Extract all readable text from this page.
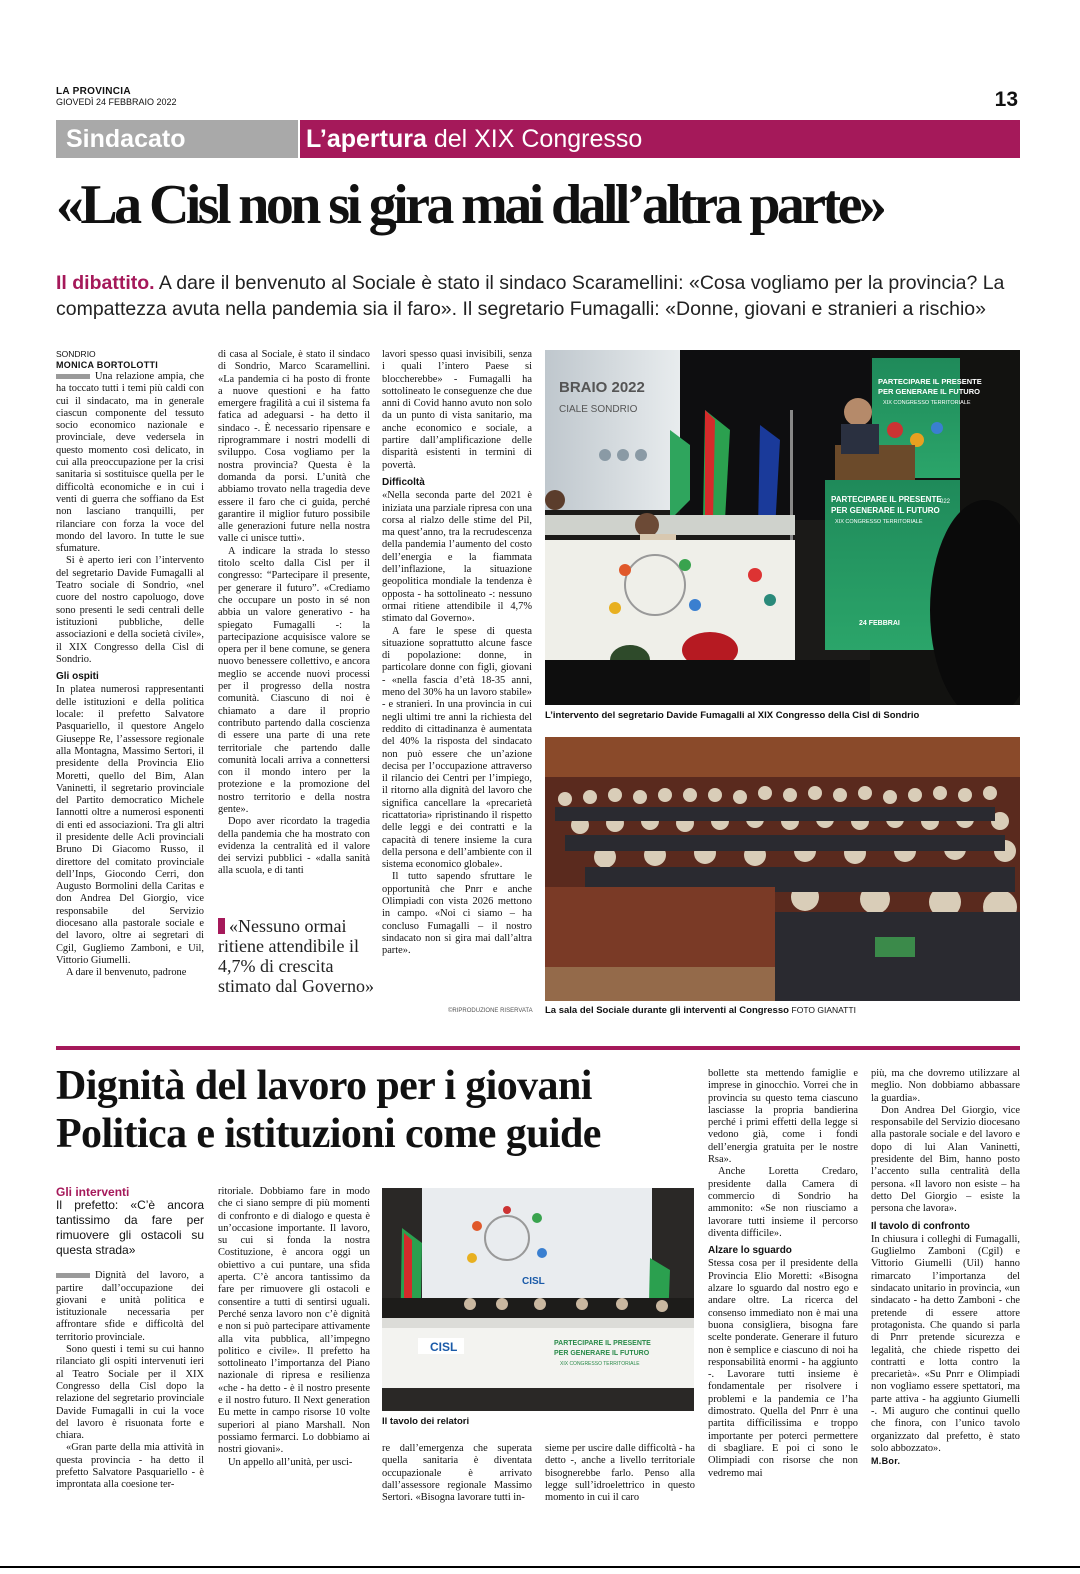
LA PROVINCIA
GIOVEDÌ 24 FEBBRAIO 2022	13
Sindacato	L’apertura del XIX Congresso
«La Cisl non si gira mai dall’altra parte»
Il dibattito. A dare il benvenuto al Sociale è stato il sindaco Scaramellini: «Cosa vogliamo per la provincia? La compattezza avuta nella pandemia sia il faro». Il segretario Fumagalli: «Donne, giovani e stranieri a rischio»
SONDRIO
MONICA BORTOLOTTI

Una relazione ampia, che ha toccato tutti i temi più caldi con cui il sindacato, ma in generale ciascun componente del tessuto socio economico nazionale e provinciale, deve vedersela in questo momento così delicato, in cui alla preoccupazione per la crisi sanitaria si sostituisce quella per le difficoltà economiche e in cui i venti di guerra che soffiano da Est non lasciano tranquilli, per rilanciare con forza la voce del mondo del lavoro. In tutte le sue sfumature.

Si è aperto ieri con l’intervento del segretario Davide Fumagalli al Teatro sociale di Sondrio, «nel cuore del nostro capoluogo, dove sono presenti le sedi centrali delle istituzioni pubbliche, delle associazioni e della società civile», il XIX Congresso della Cisl di Sondrio.

Gli ospiti

In platea numerosi rappresentanti delle istituzioni e della politica locale: il prefetto Salvatore Pasquariello, il questore Angelo Giuseppe Re, l’assessore regionale alla Montagna, Massimo Sertori, il presidente della Provincia Elio Moretti, quello del Bim, Alan Vaninetti, il segretario provinciale del Partito democratico Michele Iannotti oltre a numerosi esponenti di enti ed associazioni. Tra gli altri il presidente delle Acli provinciali Bruno Di Giacomo Russo, il direttore del comitato provinciale dell’Inps, Giocondo Cerri, don Augusto Bormolini della Caritas e don Andrea Del Giorgio, vice responsabile del Servizio diocesano alla pastorale sociale e del lavoro, oltre ai segretari di Cgil, Gugliemo Zamboni, e Uil, Vittorio Giumelli.

A dare il benvenuto, padrone

di casa al Sociale, è stato il sindaco di Sondrio, Marco Scaramellini. «La pandemia ci ha posto di fronte a nuove questioni e ha fatto emergere fragilità a cui il sistema fa fatica ad adeguarsi - ha detto il sindaco -. È necessario ripensare e riprogrammare i nostri modelli di sviluppo. Cosa vogliamo per la nostra provincia? Questa è la domanda da porsi. L’unità che abbiamo trovato nella tragedia deve essere il faro che ci guida, perché garantire il miglior futuro possibile alle generazioni future nella nostra valle ci unisce tutti».

A indicare la strada lo stesso titolo scelto dalla Cisl per il congresso: “Partecipare il presente, per generare il futuro”. «Crediamo che occupare un posto in sé non abbia un valore generativo - ha spiegato Fumagalli -: la partecipazione acquisisce valore se opera per il bene comune, se genera nuovo benessere collettivo, e ancora meglio se accende nuovi processi per il progresso della nostra comunità. Ciascuno di noi è chiamato a dare il proprio contributo partendo dalla coscienza di essere una parte di una rete territoriale che partendo dalle comunità locali arriva a connettersi con il mondo intero per la protezione e la promozione del nostro territorio e della nostra gente».

Dopo aver ricordato la tragedia della pandemia che ha mostrato con evidenza la centralità ed il valore dei servizi pubblici - «dalla sanità alla scuola, e di tanti

«Nessuno ormai ritiene attendibile il 4,7% di crescita stimato dal Governo»

lavori spesso quasi invisibili, senza i quali l’intero Paese si bloccherebbe» - Fumagalli ha sottolineato le conseguenze che due anni di Covid hanno avuto non solo da un punto di vista sanitario, ma anche economico e sociale, a partire dall’amplificazione delle disparità esistenti in termini di povertà.

Difficoltà

«Nella seconda parte del 2021 è iniziata una parziale ripresa con una corsa al rialzo delle stime del Pil, ma quest’anno, tra la recrudescenza della pandemia l’aumento del costo dell’energia e la fiammata dell’inflazione, la situazione geopolitica mondiale la tendenza è opposta - ha sottolineato -: nessuno ormai ritiene attendibile il 4,7% stimato dal Governo».

A fare le spese di questa situazione soprattutto alcune fasce di popolazione: donne, in particolare donne con figli, giovani - «nella fascia d’età 18-35 anni, meno del 30% ha un lavoro stabile» - e stranieri. In una provincia in cui negli ultimi tre anni la richiesta del reddito di cittadinanza è aumentata del 40% la risposta del sindacato non può essere che un’azione decisa per l’occupazione attraverso il rilancio dei Centri per l’impiego, il ritorno alla dignità del lavoro che significa cancellare la «precarietà ricattatoria» ripristinando il rispetto delle leggi e dei contratti e la capacità di tenere insieme la cura della persona e dell’ambiente con il sistema economico globale».

Il tutto sapendo sfruttare le opportunità che Pnrr e anche Olimpiadi con vista 2026 mettono in campo. «Noi ci siamo – ha concluso Fumagalli – il nostro sindacato non si gira mai dall’altra parte».

©RIPRODUZIONE RISERVATA
BRAIO 2022
CIALE SONDRIO
PARTECIPARE IL PRESENTE
PER GENERARE IL FUTURO
XIX CONGRESSO TERRITORIALE
PARTECIPARE IL PRESENTE
PER GENERARE IL FUTURO
XIX CONGRESSO TERRITORIALE
022
24 FEBBRAI
L’intervento del segretario Davide Fumagalli al XIX Congresso della Cisl di Sondrio
La sala del Sociale durante gli interventi al Congresso FOTO GIANATTI
Dignità del lavoro per i giovani
Politica e istituzioni come guide
Gli interventi
Il prefetto: «C’è ancora tantissimo da fare per rimuovere gli ostacoli su questa strada»

Dignità del lavoro, a partire dall’occupazione dei giovani e unità politica e istituzionale necessaria per affrontare sfide e difficoltà del territorio provinciale.

Sono questi i temi su cui hanno rilanciato gli ospiti intervenuti ieri al Teatro Sociale per il XIX Congresso della Cisl dopo la relazione del segretario provinciale Davide Fumagalli in cui la voce del lavoro è risuonata forte e chiara.

«Gran parte della mia attività in questa provincia - ha detto il prefetto Salvatore Pasquariello - è improntata alla coesione ter-

ritoriale. Dobbiamo fare in modo che ci siano sempre di più momenti di confronto e di dialogo e questa è un’occasione importante. Il lavoro, su cui si fonda la nostra Costituzione, è ancora oggi un obiettivo a cui puntare, una sfida aperta. C’è ancora tantissimo da fare per rimuovere gli ostacoli e consentire a tutti di sentirsi uguali. Perché senza lavoro non c’è dignità e non si può partecipare attivamente alla vita pubblica, all’impegno politico e civile». Il prefetto ha sottolineato l’importanza del Piano nazionale di ripresa e resilienza «che - ha detto - è il nostro presente e il nostro futuro. Il Next generation Eu mette in campo risorse 10 volte superiori al piano Marshall. Non possiamo fermarci. Lo dobbiamo ai nostri giovani».

Un appello all’unità, per usci-

CISL
CISL	PARTECIPARE IL PRESENTE
PER GENERARE IL FUTURO
XIX CONGRESSO TERRITORIALE
Il tavolo dei relatori

re dall’emergenza che superata quella sanitaria è diventata occupazionale è arrivato dall’assessore regionale Massimo Sertori. «Bisogna lavorare tutti in-

sieme per uscire dalle difficoltà - ha detto -, anche a livello territoriale bisognerebbe farlo. Penso alla legge sull’idroelettrico in questo momento in cui il caro

bollette sta mettendo famiglie e imprese in ginocchio. Vorrei che in provincia su questo tema ciascuno lasciasse la propria bandierina perché i primi effetti della legge si vedono già, come i fondi dell’energia gratuita per le nostre Rsa».

Anche Loretta Credaro, presidente dalla Camera di commercio di Sondrio ha ammonito: «Se non riusciamo a lavorare tutti insieme il percorso diventa difficile».

Alzare lo sguardo

Stessa cosa per il presidente della Provincia Elio Moretti: «Bisogna alzare lo sguardo dal nostro ego e andare oltre. La ricerca del consenso immediato non è mai una buona consigliera, bisogna fare scelte ponderate. Generare il futuro non è semplice e ciascuno di noi ha responsabilità enormi - ha aggiunto -. Lavorare tutti insieme è fondamentale per risolvere i problemi e la pandemia ce l’ha dimostrato. Quella del Pnrr è una partita difficilissima e troppo importante per poterci permettere di sbagliare. E poi ci sono le Olimpiadi con risorse che non vedremo mai

più, ma che dovremo utilizzare al meglio. Non dobbiamo abbassare la guardia».

Don Andrea Del Giorgio, vice responsabile del Servizio diocesano alla pastorale sociale e del lavoro e dopo di lui Alan Vaninetti, presidente del Bim, hanno posto l’accento sulla centralità della persona. «Il lavoro non esiste – ha detto Del Giorgio – esiste la persona che lavora».

Il tavolo di confronto

In chiusura i colleghi di Fumagalli, Guglielmo Zamboni (Cgil) e Vittorio Giumelli (Uil) hanno rimarcato l’importanza del sindacato unitario in provincia, «un sindacato - ha detto Zamboni - che pretende di essere attore protagonista. Che quando si parla di Pnrr pretende sicurezza e legalità, che chiede rispetto dei contratti e lotta contro la precarietà». «Su Pnrr e Olimpiadi non vogliamo essere spettatori, ma parte attiva - ha aggiunto Giumelli -. Mi auguro che continui quello che finora, con l’unico tavolo organizzato dal prefetto, è stato solo abbozzato».

M.Bor.
